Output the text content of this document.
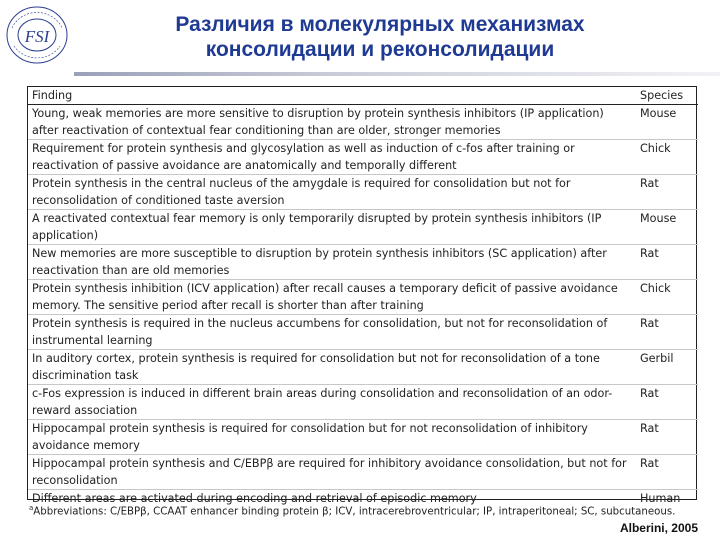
FSI
Различия в молекулярных механизмах
консолидации и реконсолидации
Finding	Species
Young, weak memories are more sensitive to disruption by protein synthesis inhibitors (IP application) after reactivation of contextual fear conditioning than are older, stronger memories	Mouse
Requirement for protein synthesis and glycosylation as well as induction of c-fos after training or reactivation of passive avoidance are anatomically and temporally different	Chick
Protein synthesis in the central nucleus of the amygdale is required for consolidation but not for reconsolidation of conditioned taste aversion	Rat
A reactivated contextual fear memory is only temporarily disrupted by protein synthesis inhibitors (IP application)	Mouse
New memories are more susceptible to disruption by protein synthesis inhibitors (SC application) after reactivation than are old memories	Rat
Protein synthesis inhibition (ICV application) after recall causes a temporary deficit of passive avoidance memory. The sensitive period after recall is shorter than after training	Chick
Protein synthesis is required in the nucleus accumbens for consolidation, but not for reconsolidation of instrumental learning	Rat
In auditory cortex, protein synthesis is required for consolidation but not for reconsolidation of a tone discrimination task	Gerbil
c-Fos expression is induced in different brain areas during consolidation and reconsolidation of an odor-reward association	Rat
Hippocampal protein synthesis is required for consolidation but for not reconsolidation of inhibitory avoidance memory	Rat
Hippocampal protein synthesis and C/EBPβ are required for inhibitory avoidance consolidation, but not for reconsolidation	Rat
Different areas are activated during encoding and retrieval of episodic memory	Human
$^a$Abbreviations: C/EBPβ, CCAAT enhancer binding protein β; ICV, intracerebroventricular; IP, intraperitoneal; SC, subcutaneous.
Alberini, 2005
